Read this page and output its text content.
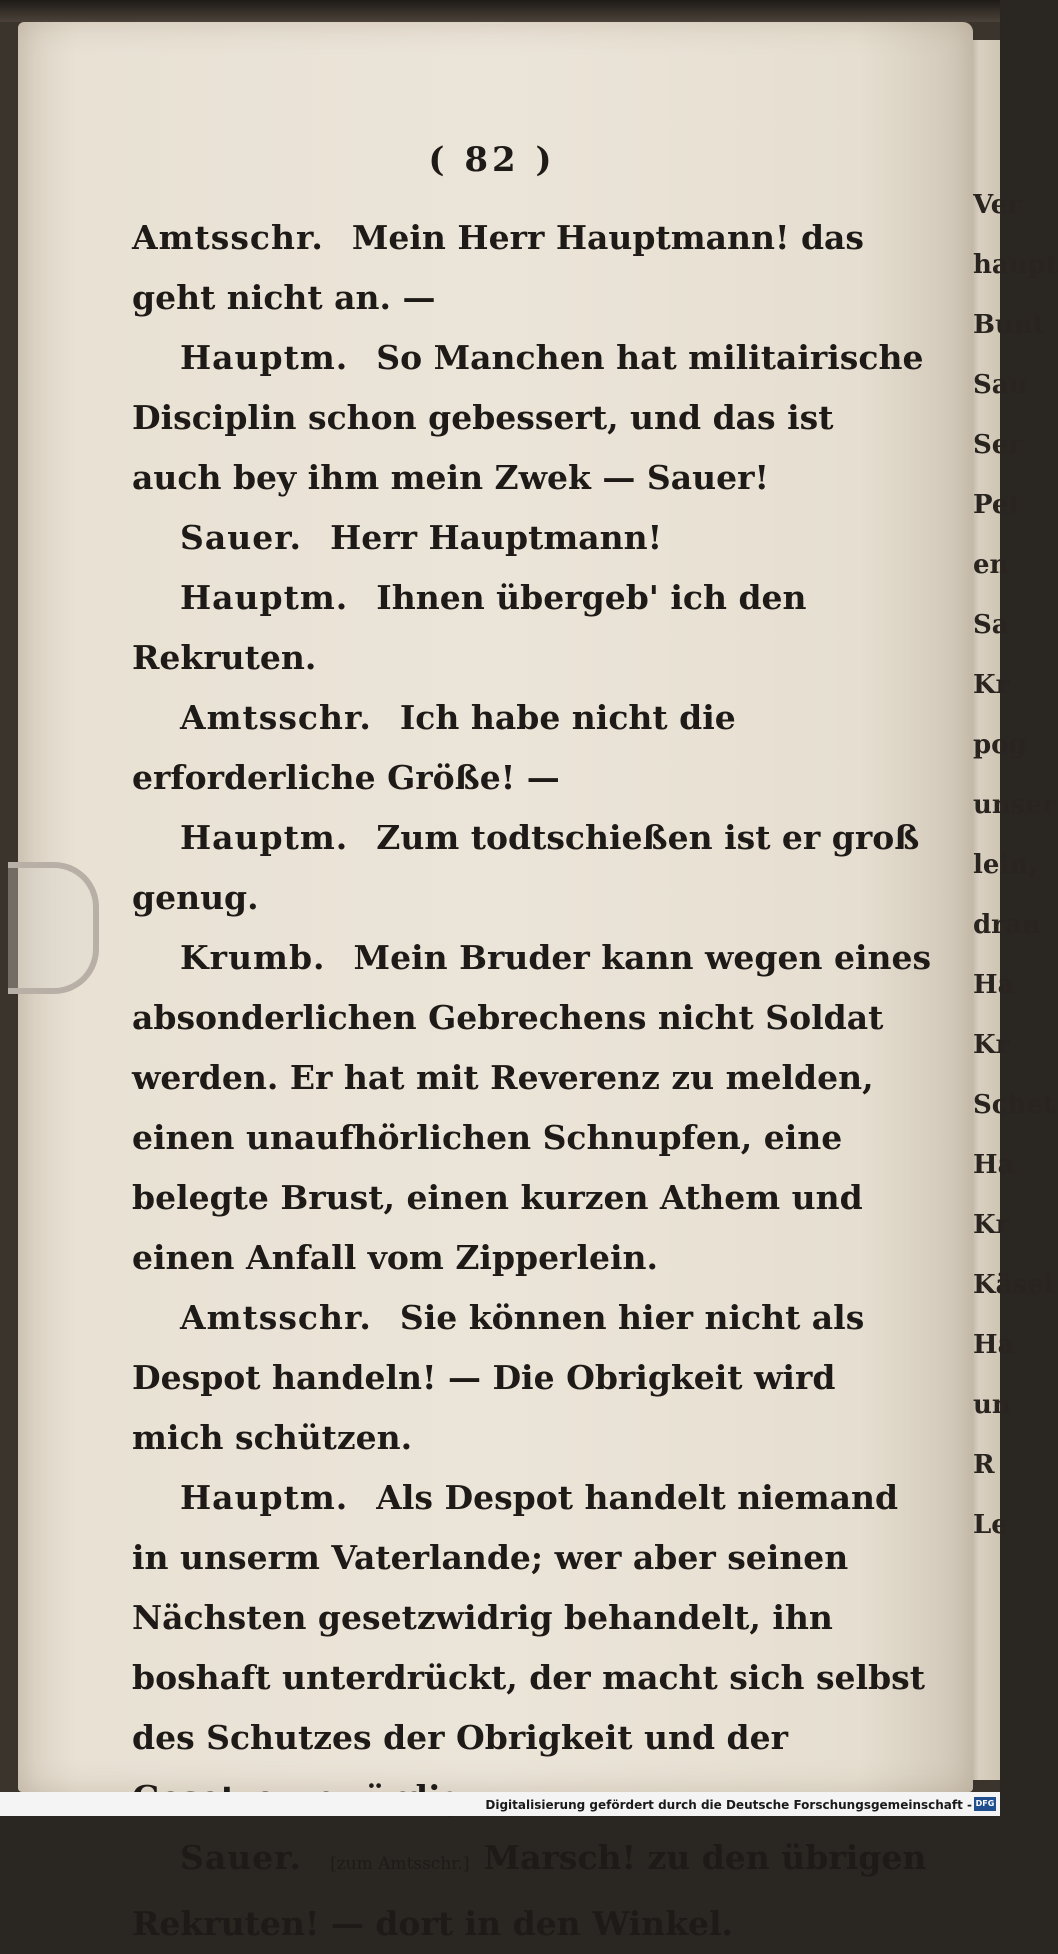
Ver
haupt
Bunt
Sau
Ser
Pet
en
Sa
Kr
pog
unser
lein,
dran
Ha
Kr
Schet
Ha
Kr
Käsel
Ha
un
R
Le
( 82 )

Amtsschr. Mein Herr Hauptmann! das geht nicht an. —

Hauptm. So Manchen hat militairische Disciplin schon gebessert, und das ist auch bey ihm mein Zwek — Sauer!

Sauer. Herr Hauptmann!

Hauptm. Ihnen übergeb' ich den Rekruten.

Amtsschr. Ich habe nicht die erforderliche Größe! —

Hauptm. Zum todtschießen ist er groß genug.

Krumb. Mein Bruder kann wegen eines absonderlichen Gebrechens nicht Soldat werden. Er hat mit Reverenz zu melden, einen unaufhörlichen Schnupfen, eine belegte Brust, einen kurzen Athem und einen Anfall vom Zipperlein.

Amtsschr. Sie können hier nicht als Despot handeln! — Die Obrigkeit wird mich schützen.

Hauptm. Als Despot handelt niemand in unserm Vaterlande; wer aber seinen Nächsten gesetzwidrig behandelt, ihn boshaft unterdrückt, der macht sich selbst des Schutzes der Obrigkeit und der

Sauer. [zum Amtsschr.] Marsch! zu den übrigen Rekruten! — dort in den Winkel.

Digitalisierung gefördert durch die Deutsche Forschungsgemeinschaft - DFG
